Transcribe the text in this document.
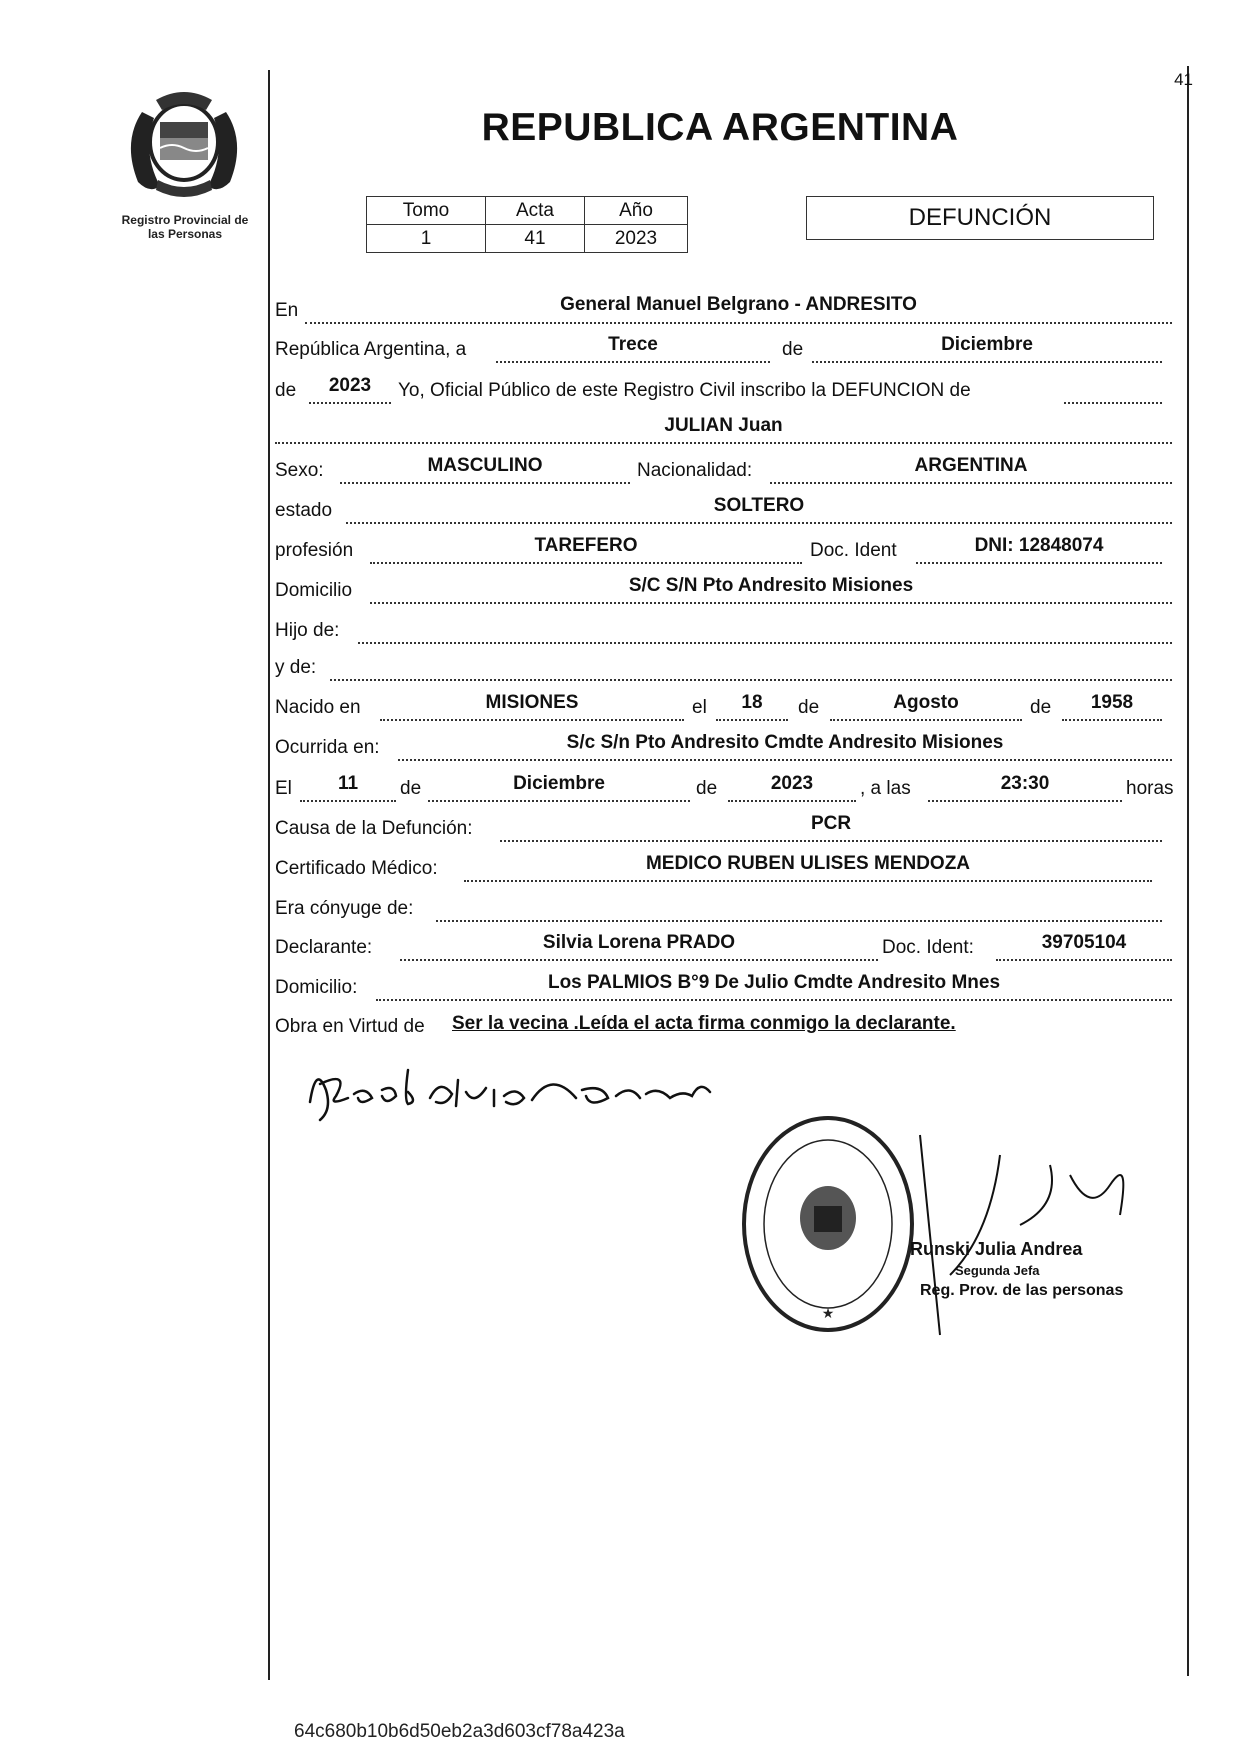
Registro Provincial de
las Personas
41
REPUBLICA ARGENTINA
Tomo	Acta	Año
1	41	2023
DEFUNCIÓN
En	General Manuel Belgrano - ANDRESITO
República Argentina, a	Trece	de	Diciembre
de	2023	Yo, Oficial Público de este Registro Civil inscribo la DEFUNCION de
JULIAN Juan
Sexo:	MASCULINO	Nacionalidad:	ARGENTINA
estado	SOLTERO
profesión	TAREFERO	Doc. Ident	DNI: 12848074
Domicilio	S/C S/N Pto Andresito Misiones
Hijo de:
y de:
Nacido en	MISIONES	el	18	de	Agosto	de	1958
Ocurrida en:	S/c S/n Pto Andresito Cmdte Andresito Misiones
El	11	de	Diciembre	de	2023	, a las	23:30	horas
Causa de la Defunción:	PCR
Certificado Médico:	MEDICO RUBEN ULISES MENDOZA
Era cónyuge de:
Declarante:	Silvia Lorena PRADO	Doc. Ident:	39705104
Domicilio:	Los PALMIOS B°9 De Julio Cmdte Andresito Mnes
Obra en Virtud de Ser la vecina .Leída el acta firma conmigo la declarante.
★
Runski Julia Andrea
Segunda Jefa
Reg. Prov. de las personas
64c680b10b6d50eb2a3d603cf78a423a
